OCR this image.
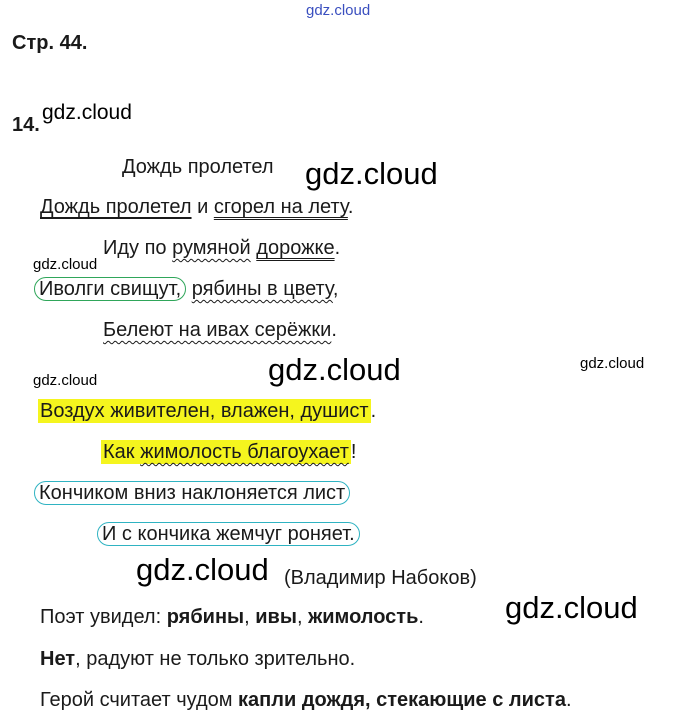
gdz.cloud
gdz.cloud
gdz.cloud
gdz.cloud
gdz.cloud	gdz.cloud
gdz.cloud
gdz.cloud
gdz.cloud
Стр. 44.
14.
Дождь пролетел
Дождь пролетел и сгорел на лету.
Иду по румяной дорожке.
Иволги свищут, рябины в цвету,
Белеют на ивах серёжки.
Воздух живителен, влажен, душист .
Как жимолость благоухает !
Кончиком вниз наклоняется лист
И с кончика жемчуг роняет.
(Владимир Набоков)
Поэт увидел: рябины, ивы, жимолость.
Нет, радуют не только зрительно.
Герой считает чудом капли дождя, стекающие с листа.
